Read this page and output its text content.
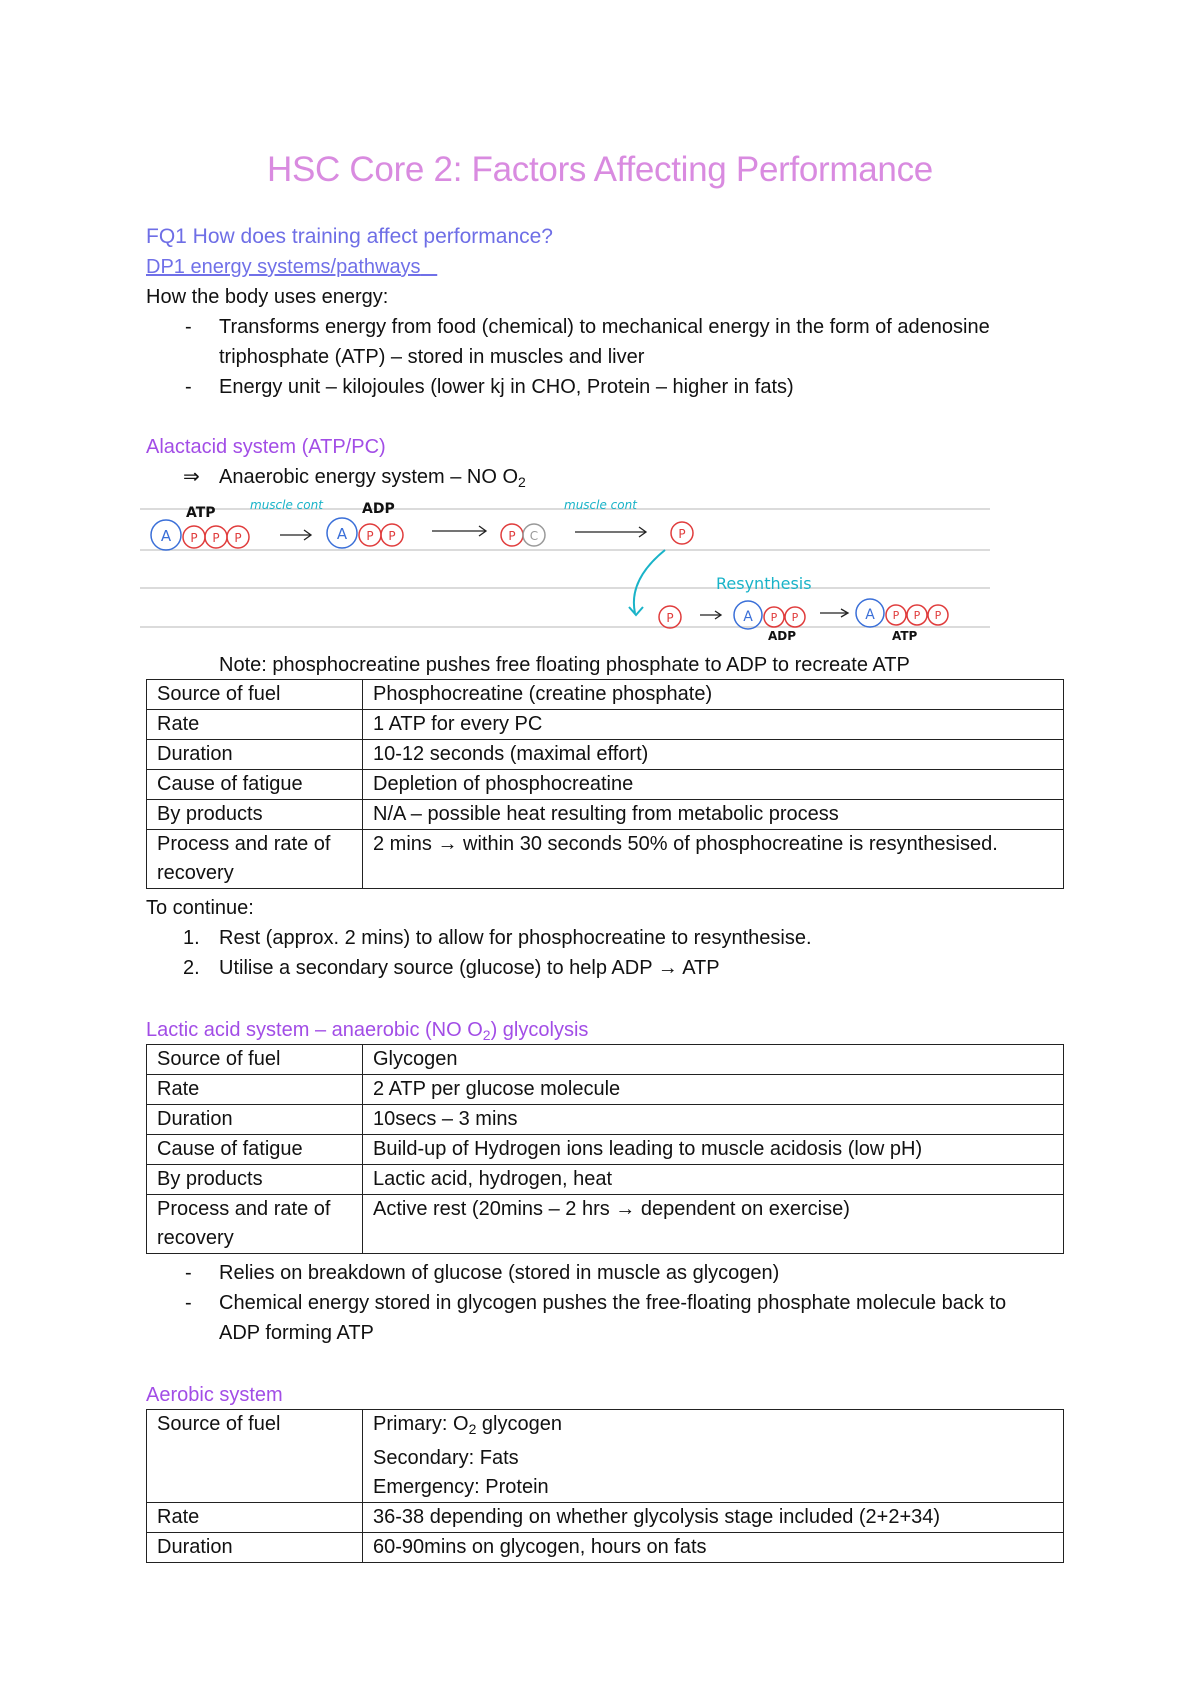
HSC Core 2: Factors Affecting Performance
FQ1 How does training affect performance?
DP1 energy systems/pathways
How the body uses energy:
- Transforms energy from food (chemical) to mechanical energy in the form of adenosine triphosphate (ATP) – stored in muscles and liver
- Energy unit – kilojoules (lower kj in CHO, Protein – higher in fats)
Alactacid system (ATP/PC)
⇒ Anaerobic energy system – NO $O_2$
ATP	muscle cont	ADP	muscle cont
Resynthesis
ADP	ATP
A P P P	A P P	P C	P
P	A P P	A P P P
Note: phosphocreatine pushes free floating phosphate to ADP to recreate ATP
Source of fuel	Phosphocreatine (creatine phosphate)
Rate	1 ATP for every PC
Duration	10-12 seconds (maximal effort)
Cause of fatigue	Depletion of phosphocreatine
By products	N/A – possible heat resulting from metabolic process
Process and rate of recovery	2 mins → within 30 seconds 50% of phosphocreatine is resynthesised.
To continue:
1. Rest (approx. 2 mins) to allow for phosphocreatine to resynthesise.
2. Utilise a secondary source (glucose) to help ADP → ATP
Lactic acid system – anaerobic (NO $O_2$) glycolysis
Source of fuel	Glycogen
Rate	2 ATP per glucose molecule
Duration	10secs – 3 mins
Cause of fatigue	Build-up of Hydrogen ions leading to muscle acidosis (low pH)
By products	Lactic acid, hydrogen, heat
Process and rate of recovery	Active rest (20mins – 2 hrs → dependent on exercise)
- Relies on breakdown of glucose (stored in muscle as glycogen)
- Chemical energy stored in glycogen pushes the free-floating phosphate molecule back to ADP forming ATP
Aerobic system
Source of fuel	Primary: $O_2$ glycogen
Secondary: Fats
Emergency: Protein

Rate	36-38 depending on whether glycolysis stage included (2+2+34)
Duration	60-90mins on glycogen, hours on fats
